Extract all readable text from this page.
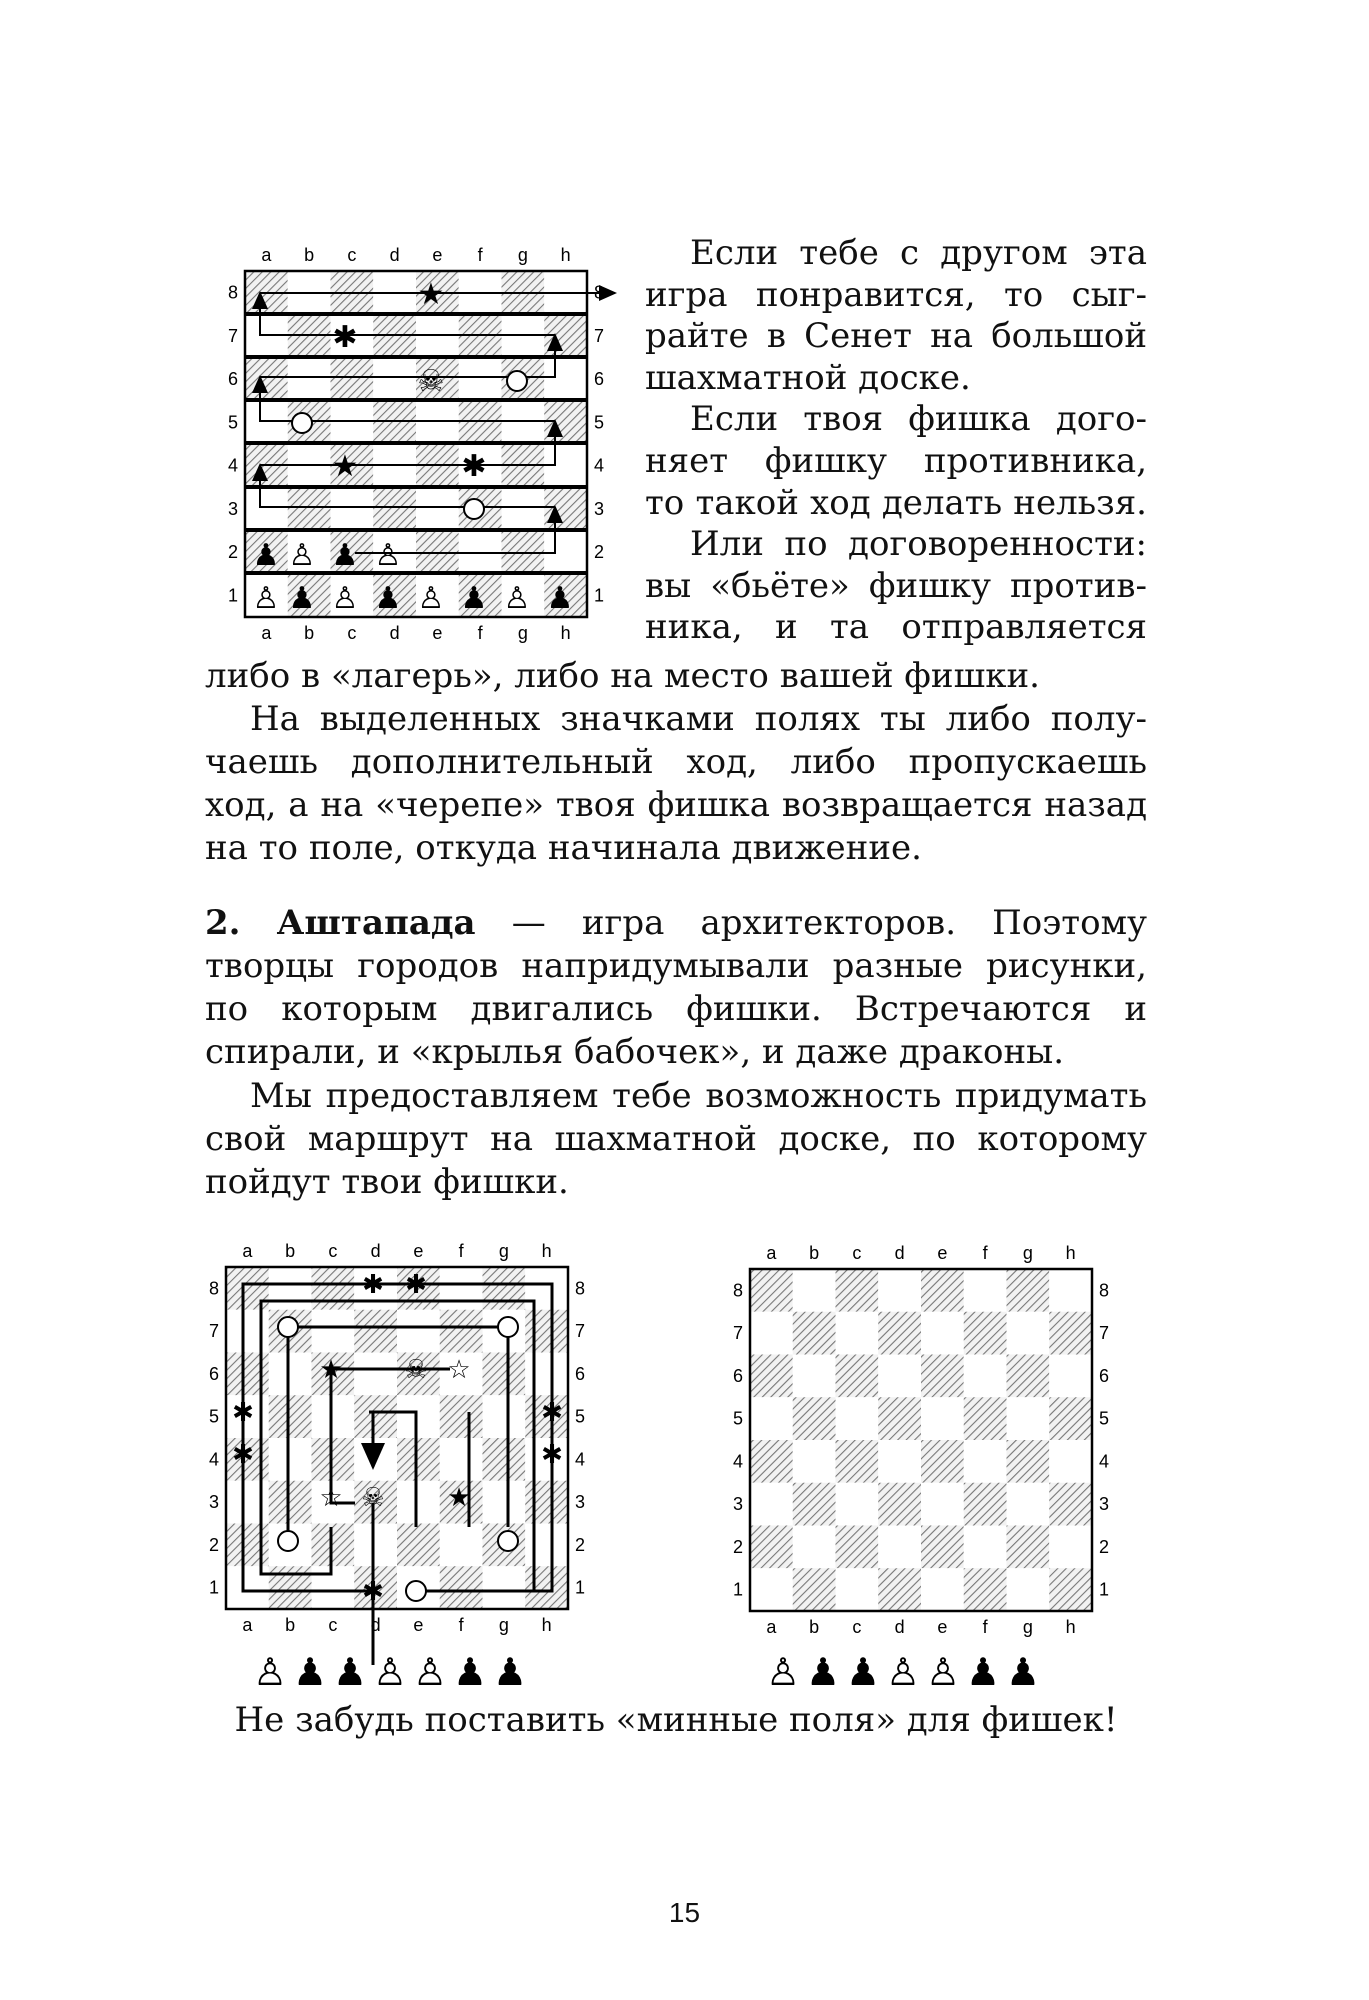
★
✱
☠
★	✱
♟ ♙ ♟ ♙
♙ ♟ ♙ ♟ ♙ ♟ ♙ ♟
a
a
b
b
c
c
d
d
e
e
f
f
g
g
h
h
1	1
2	2
3	3
4	4
5	5
6	6
7	7
8	8
Если тебе с другом эта
игра понравится, то сыг-
райте в Сенет на большой
шахматной доске.
Если твоя фишка дого-
няет фишку противника,
то такой ход делать нельзя.
Или по договоренности:
вы «бьёте» фишку против-
ника, и та отправляется
либо в «лагерь», либо на место вашей фишки.
На выделенных значками полях ты либо полу-
чаешь дополнительный ход, либо пропускаешь
ход, а на «черепе» твоя фишка возвращается назад
на то поле, откуда начинала движение.
2. Аштапада — игра архитекторов. Поэтому
творцы городов напридумывали разные рисунки,
по которым двигались фишки. Встречаются и
спирали, и «крылья бабочек», и даже драконы.
Мы предоставляем тебе возможность придумать
свой маршрут на шахматной доске, по которому
пойдут твои фишки.
✱ ✱
★ ☠ ☆
✱	✱
✱	✱
☆ ☠ ★
✱
a
a
b
b
c
c
d
d
e
e
f
f
g
g
h
h
1	1
2	2
3	3
4	4
5	5
6	6
7	7
8	8
♙ ♟ ♟ ♙ ♙ ♟ ♟
a
a
b
b
c
c
d
d
e
e
f
f
g
g
h
h
1	1
2	2
3	3
4	4
5	5
6	6
7	7
8	8
♙ ♟ ♟ ♙ ♙ ♟ ♟
Не забудь поставить «минные поля» для фишек!
15
